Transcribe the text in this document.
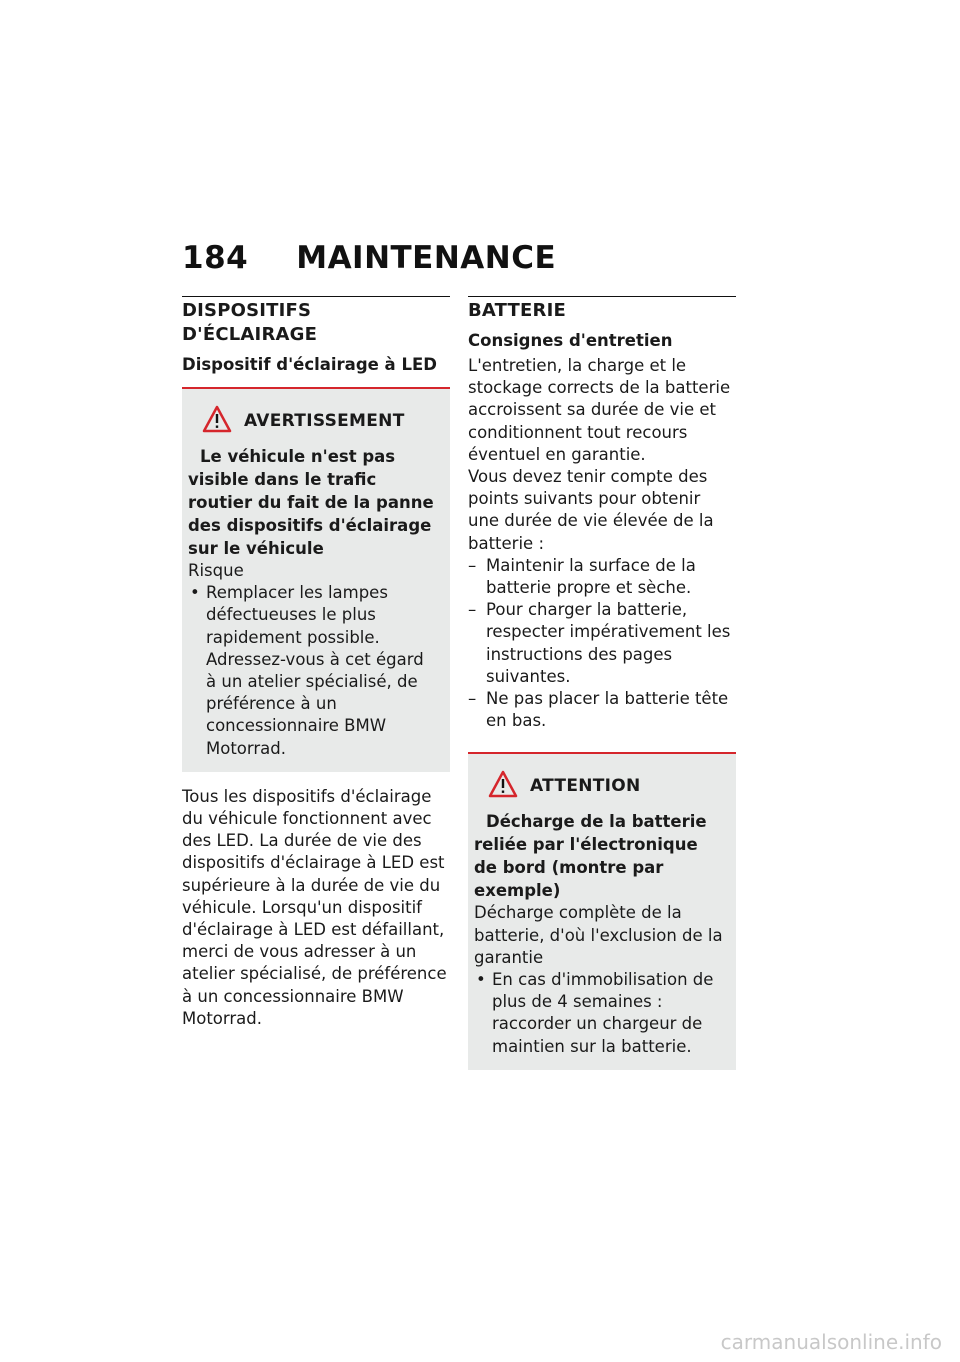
184 MAINTENANCE
DISPOSITIFS D'ÉCLAIRAGE
Dispositif d'éclairage à LED
AVERTISSEMENT

Le véhicule n'est pas visible dans le trafic routier du fait de la panne des dispositifs d'éclairage sur le véhicule

Risque

• Remplacer les lampes défectueuses le plus rapidement possible. Adressez-vous à cet égard à un atelier spécialisé, de préférence à un concessionnaire BMW Motorrad.

Tous les dispositifs d'éclairage du véhicule fonctionnent avec des LED. La durée de vie des dispositifs d'éclairage à LED est supérieure à la durée de vie du véhicule. Lorsqu'un dispositif d'éclairage à LED est défaillant, merci de vous adresser à un atelier spécialisé, de préférence à un concessionnaire BMW Motorrad.

BATTERIE
Consignes d'entretien

L'entretien, la charge et le stockage corrects de la batterie accroissent sa durée de vie et conditionnent tout recours éventuel en garantie.

Vous devez tenir compte des points suivants pour obtenir une durée de vie élevée de la batterie :

– Maintenir la surface de la batterie propre et sèche.
– Pour charger la batterie, respecter impérativement les instructions des pages suivantes.
– Ne pas placer la batterie tête en bas.
ATTENTION

Décharge de la batterie reliée par l'électronique de bord (montre par exemple)

Décharge complète de la batterie, d'où l'exclusion de la garantie

• En cas d'immobilisation de plus de 4 semaines : raccorder un chargeur de maintien sur la batterie.
carmanualsonline.info
